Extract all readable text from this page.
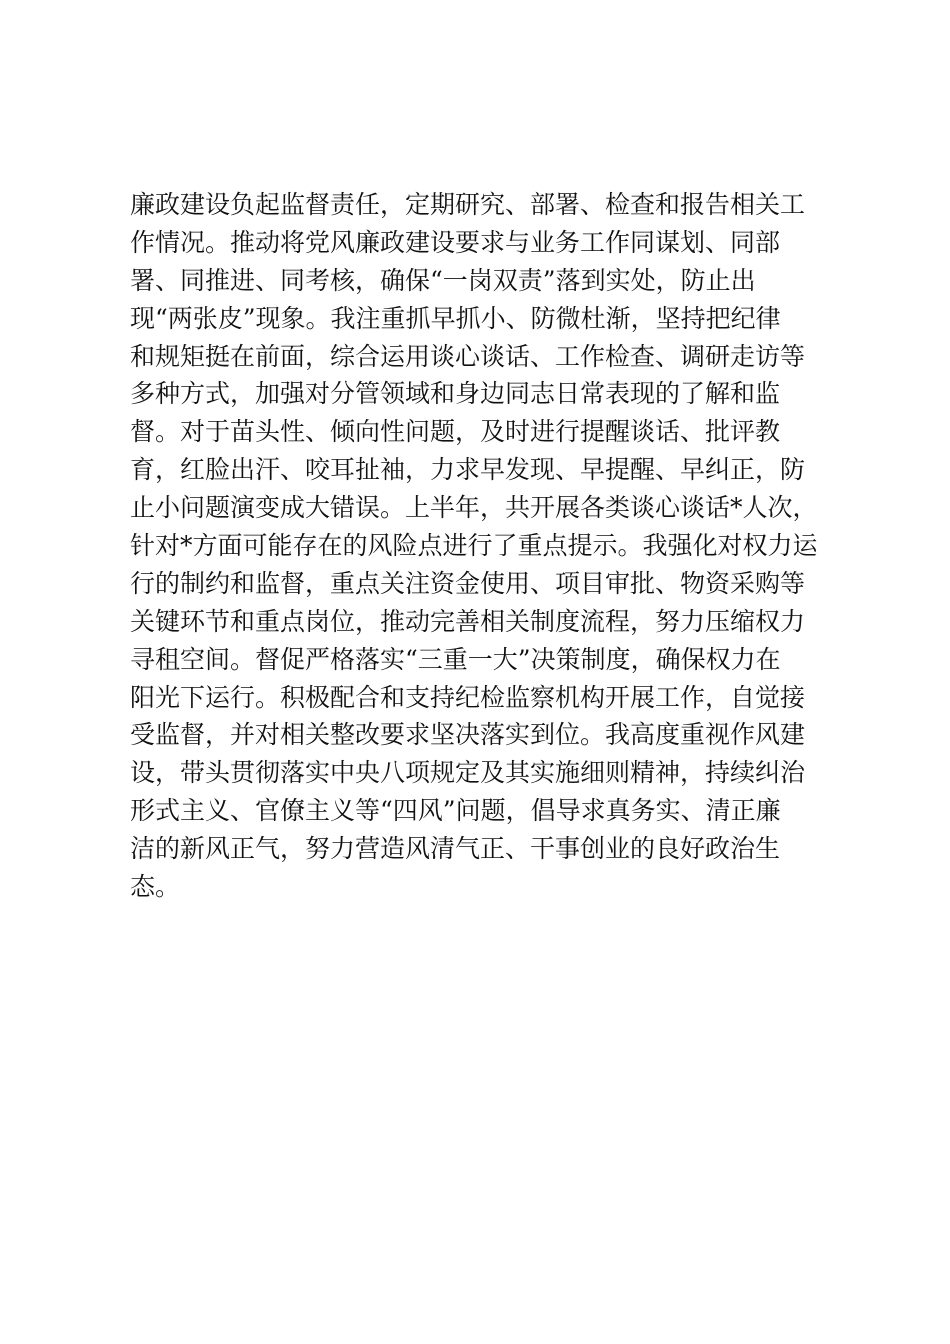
廉政建设负起监督责任，定期研究、部署、检查和报告相关工

作情况。推动将党风廉政建设要求与业务工作同谋划、同部

署、同推进、同考核，确保“一岗双责”落到实处，防止出

现“两张皮”现象。我注重抓早抓小、防微杜渐，坚持把纪律

和规矩挺在前面，综合运用谈心谈话、工作检查、调研走访等

多种方式，加强对分管领域和身边同志日常表现的了解和监

督。对于苗头性、倾向性问题，及时进行提醒谈话、批评教

育，红脸出汗、咬耳扯袖，力求早发现、早提醒、早纠正，防

止小问题演变成大错误。上半年，共开展各类谈心谈话*人次，

针对*方面可能存在的风险点进行了重点提示。我强化对权力运

行的制约和监督，重点关注资金使用、项目审批、物资采购等

关键环节和重点岗位，推动完善相关制度流程，努力压缩权力

寻租空间。督促严格落实“三重一大”决策制度，确保权力在

阳光下运行。积极配合和支持纪检监察机构开展工作，自觉接

受监督，并对相关整改要求坚决落实到位。我高度重视作风建

设，带头贯彻落实中央八项规定及其实施细则精神，持续纠治

形式主义、官僚主义等“四风”问题，倡导求真务实、清正廉

洁的新风正气，努力营造风清气正、干事创业的良好政治生

态。
